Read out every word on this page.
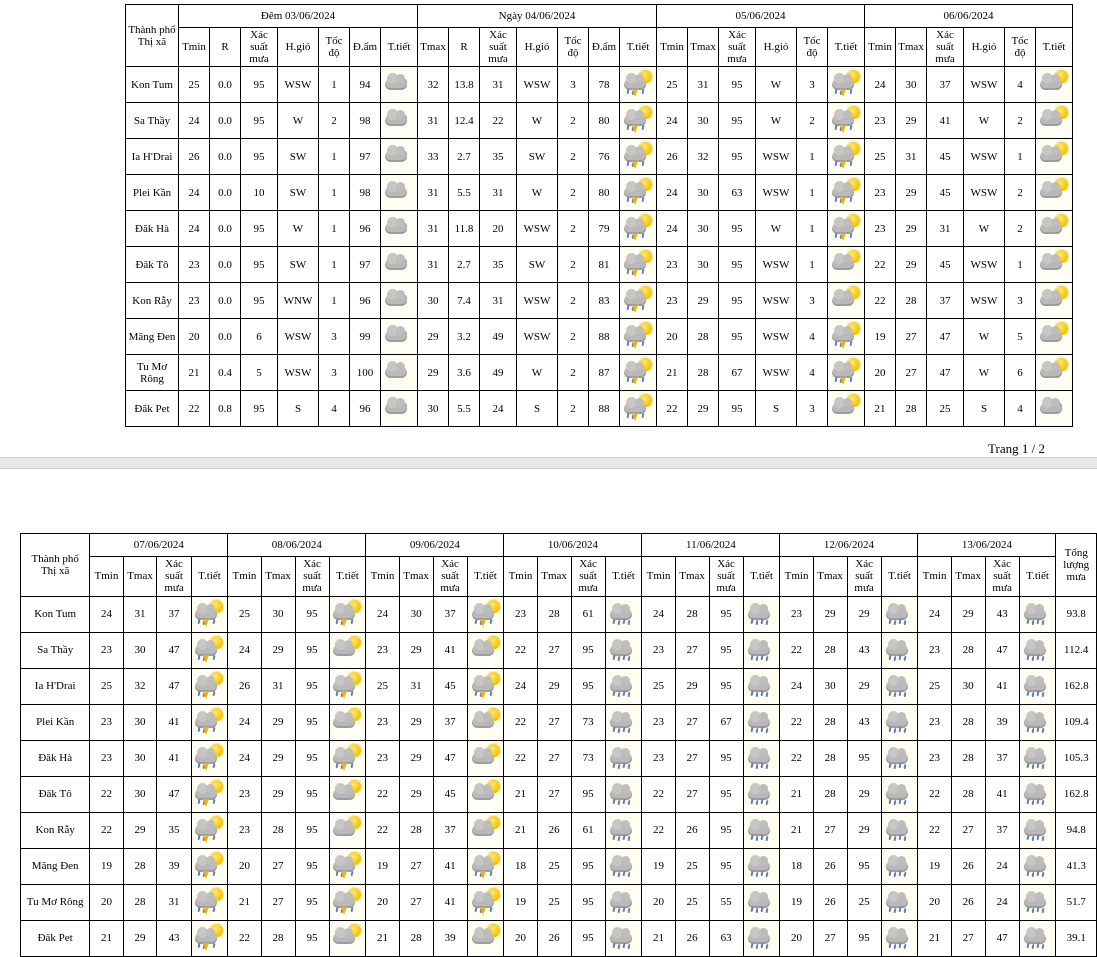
Thành phố
Thị xã	Đêm 03/06/2024							Ngày 04/06/2024							05/06/2024						06/06/2024					
	Tmin	R	Xác suất mưa	H.gió	Tốc độ	Đ.ẩm	T.tiết	Tmax	R	Xác suất mưa	H.gió	Tốc độ	Đ.ẩm	T.tiết	Tmin	Tmax	Xác suất mưa	H.gió	Tốc độ	T.tiết	Tmin	Tmax	Xác suất mưa	H.gió	Tốc độ	T.tiết
Kon Tum	25	0.0	95	WSW	1	94		32	13.8	31	WSW	3	78		25	31	95	W	3		24	30	37	WSW	4	

Sa Thầy	24	0.0	95	W	2	98		31	12.4	22	W	2	80		24	30	95	W	2		23	29	41	W	2	

Ia H'Drai	26	0.0	95	SW	1	97		33	2.7	35	SW	2	76		26	32	95	WSW	1		25	31	45	WSW	1	

Plei Kần	24	0.0	10	SW	1	98		31	5.5	31	W	2	80		24	30	63	WSW	1		23	29	45	WSW	2	

Đăk Hà	24	0.0	95	W	1	96		31	11.8	20	WSW	2	79		24	30	95	W	1		23	29	31	W	2	

Đăk Tô	23	0.0	95	SW	1	97		31	2.7	35	SW	2	81		23	30	95	WSW	1		22	29	45	WSW	1	

Kon Rẫy	23	0.0	95	WNW	1	96		30	7.4	31	WSW	2	83		23	29	95	WSW	3		22	28	37	WSW	3	

Măng Đen	20	0.0	6	WSW	3	99		29	3.2	49	WSW	2	88		20	28	95	WSW	4		19	27	47	W	5	

Tu Mơ Rông	21	0.4	5	WSW	3	100		29	3.6	49	W	2	87		21	28	67	WSW	4		20	27	47	W	6	

Đăk Pet	22	0.8	95	S	4	96		30	5.5	24	S	2	88		22	29	95	S	3		21	28	25	S	4	
Trang 1 / 2
Thành phố
Thị xã
	07/06/2024	08/06/2024	09/06/2024	10/06/2024	11/06/2024	12/06/2024	13/06/2024	
Tổng
lượng
mưa

	Tmin	Tmax	Xác suất mưa	T.tiết	Tmin	Tmax	Xác suất mưa	T.tiết	Tmin	Tmax	Xác suất mưa	T.tiết	Tmin	Tmax	Xác suất mưa	T.tiết	Tmin	Tmax	Xác suất mưa	T.tiết	Tmin	Tmax	Xác suất mưa	T.tiết	Tmin	Tmax	Xác suất mưa	T.tiết	
Kon Tum	24	31	37		25	30	95		24	30	37		23	28	61		24	28	95		23	29	29		24	29	43		93.8
Sa Thầy	23	30	47		24	29	95		23	29	41		22	27	95		23	27	95		22	28	43		23	28	47		112.4
Ia H'Drai	25	32	47		26	31	95		25	31	45		24	29	95		25	29	95		24	30	29		25	30	41		162.8
Plei Kần	23	30	41		24	29	95		23	29	37		22	27	73		23	27	67		22	28	43		23	28	39		109.4
Đăk Hà	23	30	41		24	29	95		23	29	47		22	27	73		23	27	95		22	28	95		23	28	37		105.3
Đăk Tô	22	30	47		23	29	95		22	29	45		21	27	95		22	27	95		21	28	29		22	28	41		162.8
Kon Rẫy	22	29	35		23	28	95		22	28	37		21	26	61		22	26	95		21	27	29		22	27	37		94.8
Măng Đen	19	28	39		20	27	95		19	27	41		18	25	95		19	25	95		18	26	95		19	26	24		41.3
Tu Mơ Rông	20	28	31		21	27	95		20	27	41		19	25	95		20	25	55		19	26	25		20	26	24		51.7
Đăk Pet	21	29	43		22	28	95		21	28	39		20	26	95		21	26	63		20	27	95		21	27	47		39.1
